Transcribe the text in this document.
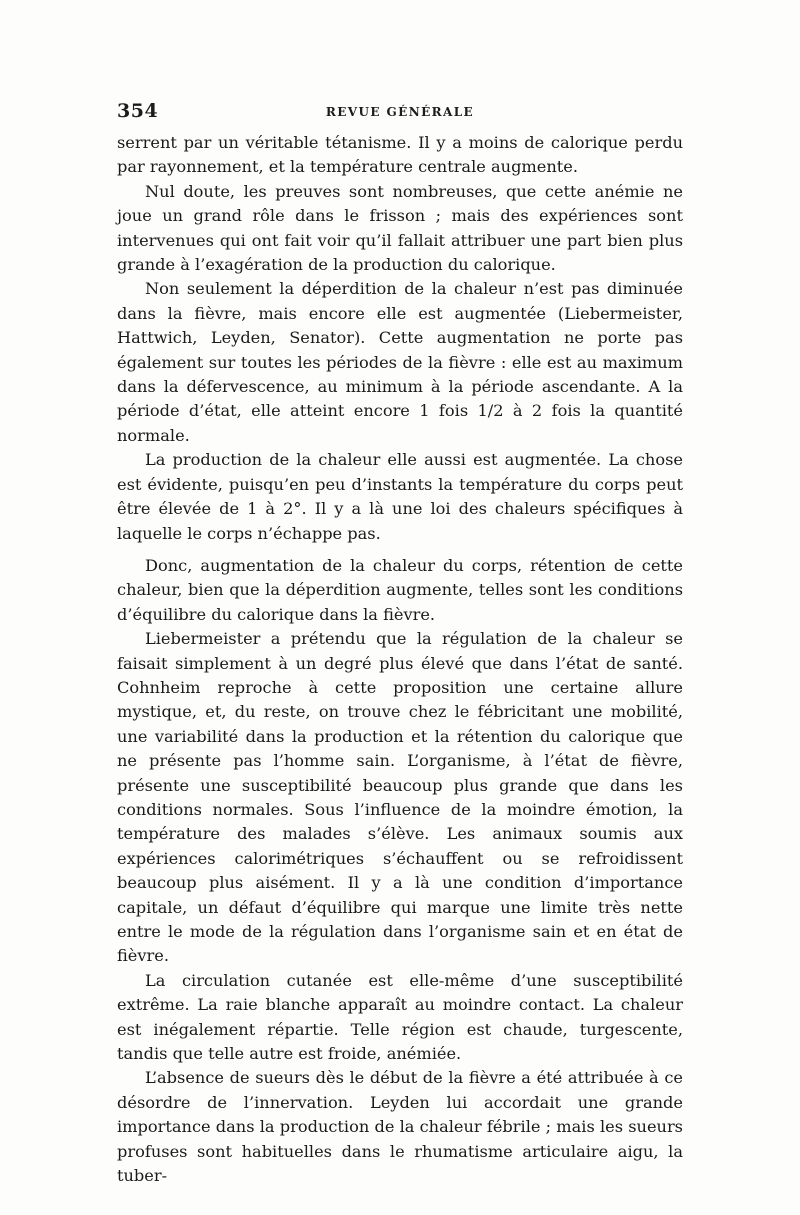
354	REVUE GÉNÉRALE

serrent par un véritable tétanisme. Il y a moins de calorique perdu par rayonnement, et la température centrale augmente.

Nul doute, les preuves sont nombreuses, que cette anémie ne joue un grand rôle dans le frisson ; mais des expériences sont intervenues qui ont fait voir qu’il fallait attribuer une part bien plus grande à l’exagération de la production du calorique.

Non seulement la déperdition de la chaleur n’est pas diminuée dans la fièvre, mais encore elle est augmentée (Liebermeister, Hattwich, Leyden, Senator). Cette augmentation ne porte pas également sur toutes les périodes de la fièvre : elle est au maximum dans la défervescence, au minimum à la période ascendante. A la période d’état, elle atteint encore 1 fois 1/2 à 2 fois la quantité normale.

La production de la chaleur elle aussi est augmentée. La chose est évidente, puisqu’en peu d’instants la température du corps peut être élevée de 1 à 2°. Il y a là une loi des chaleurs spécifiques à laquelle le corps n’échappe pas.

Donc, augmentation de la chaleur du corps, rétention de cette chaleur, bien que la déperdition augmente, telles sont les conditions d’équilibre du calorique dans la fièvre.

Liebermeister a prétendu que la régulation de la chaleur se faisait simplement à un degré plus élevé que dans l’état de santé. Cohnheim reproche à cette proposition une certaine allure mystique, et, du reste, on trouve chez le fébricitant une mobilité, une variabilité dans la production et la rétention du calorique que ne présente pas l’homme sain. L’organisme, à l’état de fièvre, présente une susceptibilité beaucoup plus grande que dans les conditions normales. Sous l’influence de la moindre émotion, la température des malades s’élève. Les animaux soumis aux expériences calorimétriques s’échauffent ou se refroidissent beaucoup plus aisément. Il y a là une condition d’importance capitale, un défaut d’équilibre qui marque une limite très nette entre le mode de la régulation dans l’organisme sain et en état de fièvre.

La circulation cutanée est elle-même d’une susceptibilité extrême. La raie blanche apparaît au moindre contact. La chaleur est inégalement répartie. Telle région est chaude, turgescente, tandis que telle autre est froide, anémiée.

L’absence de sueurs dès le début de la fièvre a été attribuée à ce désordre de l’innervation. Leyden lui accordait une grande importance dans la production de la chaleur fébrile ; mais les sueurs profuses sont habituelles dans le rhumatisme articulaire aigu, la tuber-
